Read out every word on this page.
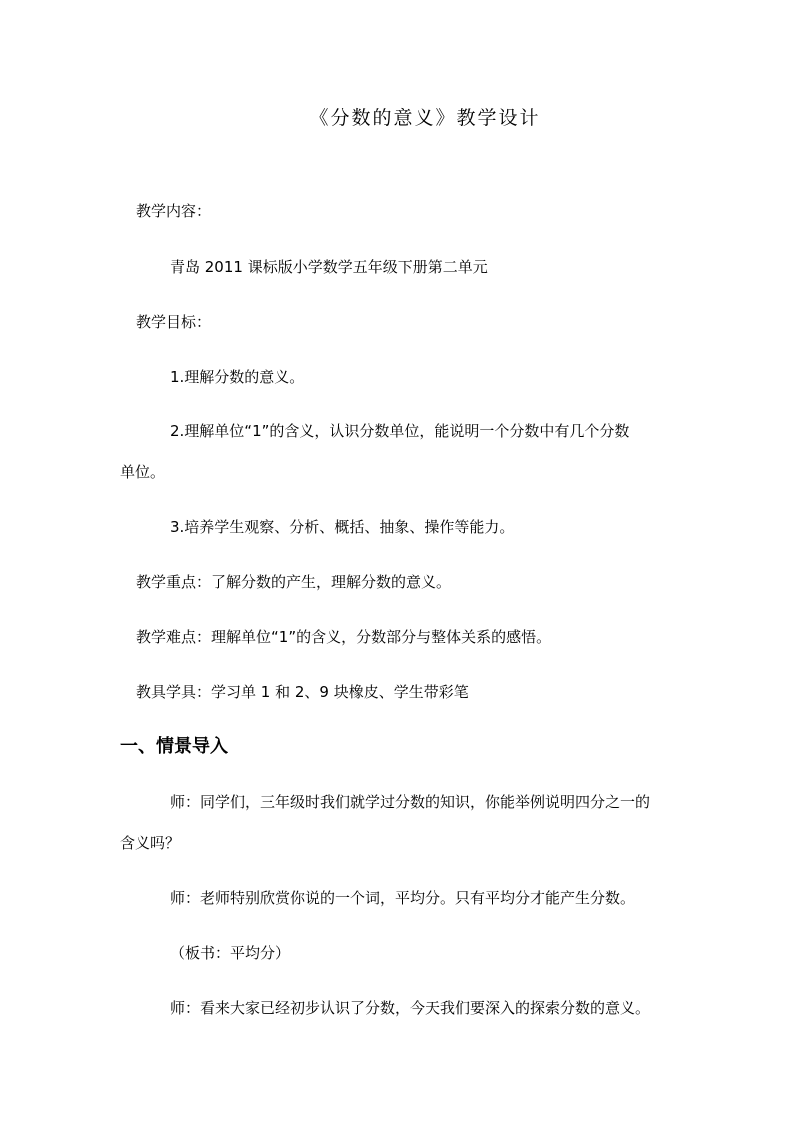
《分数的意义》教学设计
教学内容：
青岛 2011 课标版小学数学五年级下册第二单元
教学目标：
1.理解分数的意义。
2.理解单位“1”的含义，认识分数单位，能说明一个分数中有几个分数
单位。
3.培养学生观察、分析、概括、抽象、操作等能力。
教学重点：了解分数的产生，理解分数的意义。
教学难点：理解单位“1”的含义，分数部分与整体关系的感悟。
教具学具：学习单 1 和 2、9 块橡皮、学生带彩笔
一、情景导入
师：同学们，三年级时我们就学过分数的知识，你能举例说明四分之一的
含义吗？
师：老师特别欣赏你说的一个词，平均分。只有平均分才能产生分数。
（板书：平均分）
师：看来大家已经初步认识了分数，今天我们要深入的探索分数的意义。
